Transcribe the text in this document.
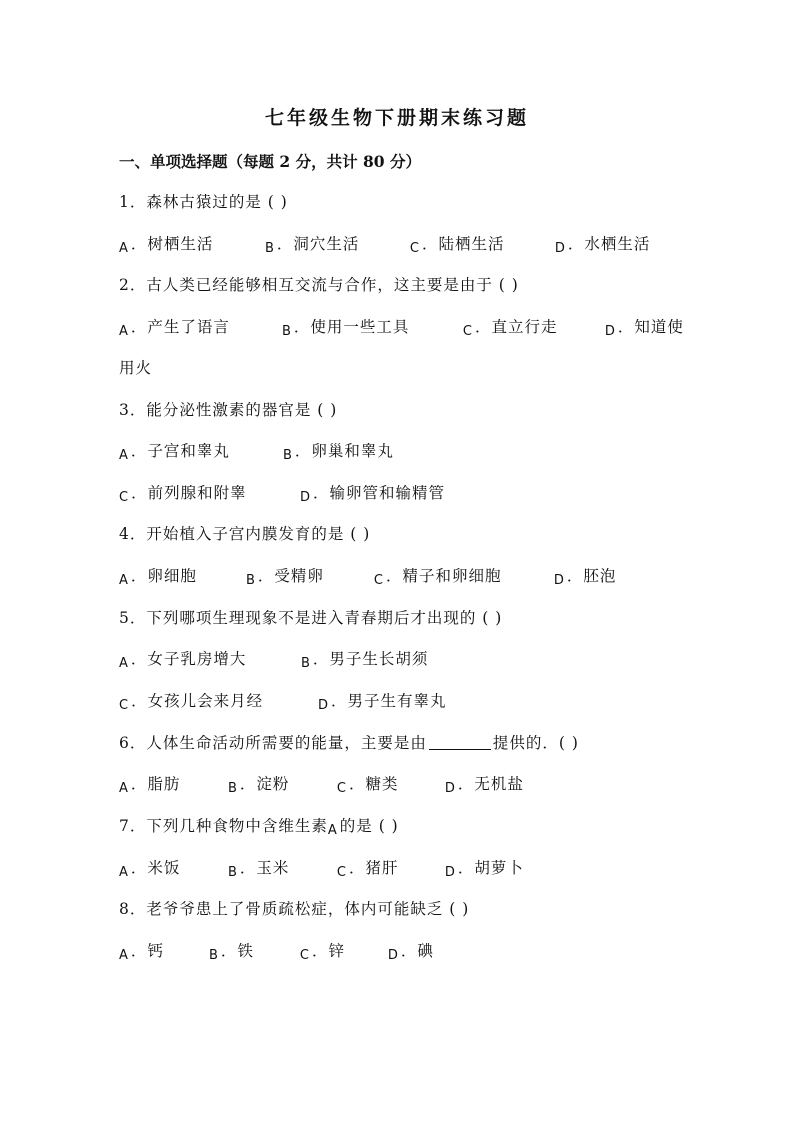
七年级生物下册期末练习题
一、单项选择题（每题 2 分，共计 80 分）
1．森林古猿过的是 ( )
A ．树栖生活	B ．洞穴生活	C ．陆栖生活	D ．水栖生活
2．古人类已经能够相互交流与合作，这主要是由于 ( )
A ．产生了语言	B ．使用一些工具	C ．直立行走	D ．知道使
用火
3．能分泌性激素的器官是 ( )
A ．子宫和睾丸	B ．卵巢和睾丸
C ．前列腺和附睾	D ．输卵管和输精管
4．开始植入子宫内膜发育的是 ( )
A ．卵细胞	B ．受精卵	C ．精子和卵细胞	D ．胚泡
5．下列哪项生理现象不是进入青春期后才出现的 ( )
A ．女子乳房增大	B ．男子生长胡须
C ．女孩儿会来月经	D ．男子生有睾丸
6．人体生命活动所需要的能量，主要是由	提供的．( )
A ．脂肪	B ．淀粉	C ．糖类	D ．无机盐
7．下列几种食物中含维生素A 的是 ( )
A ．米饭	B ．玉米	C ．猪肝	D ．胡萝卜
8．老爷爷患上了骨质疏松症，体内可能缺乏 ( )
A ．钙	B ．铁	C ．锌	D ．碘
